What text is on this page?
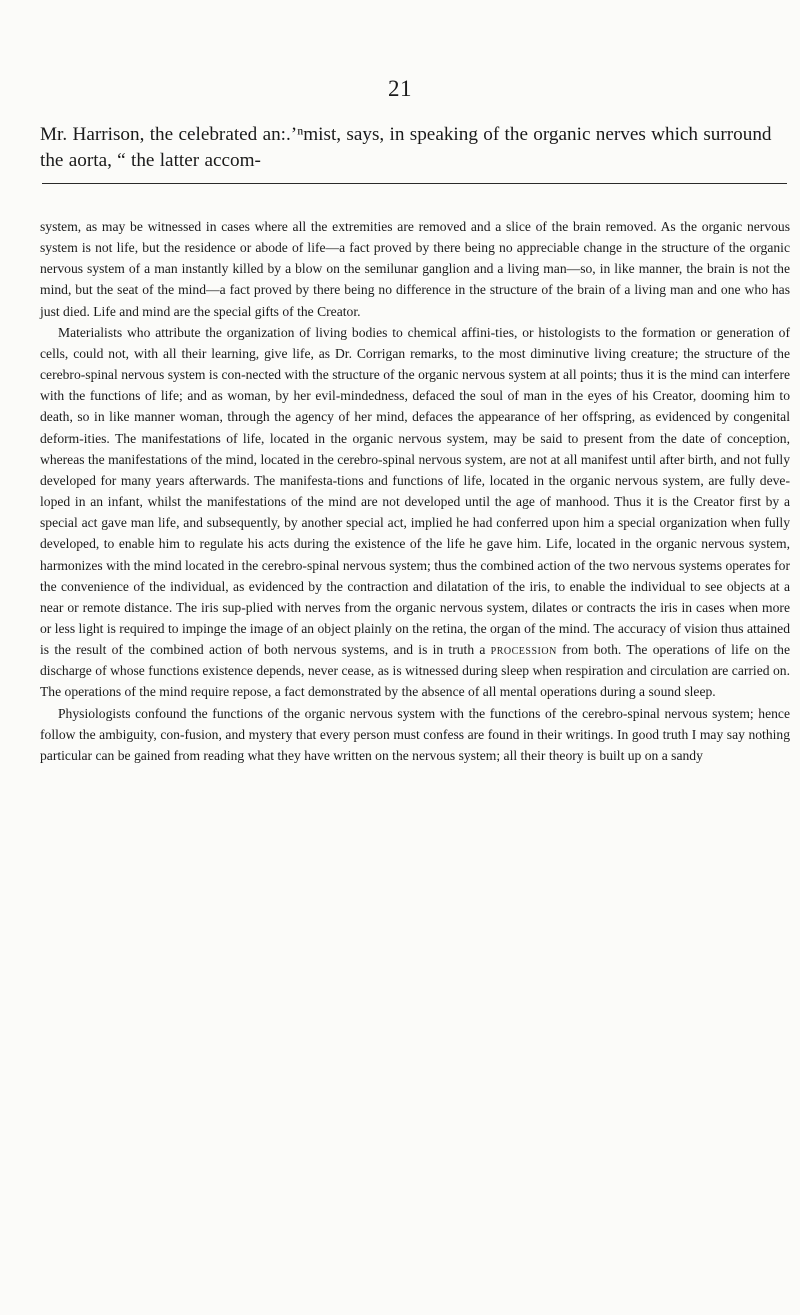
21
Mr. Harrison, the celebrated an:.’ⁿmist, says, in speaking of the organic nerves which surround the aorta, “ the latter accom-

system, as may be witnessed in cases where all the extremities are removed and a slice of the brain removed. As the organic nervous system is not life, but the residence or abode of life—a fact proved by there being no appreciable change in the structure of the organic nervous system of a man instantly killed by a blow on the semilunar ganglion and a living man—so, in like manner, the brain is not the mind, but the seat of the mind—a fact proved by there being no difference in the structure of the brain of a living man and one who has just died. Life and mind are the special gifts of the Creator.

Materialists who attribute the organization of living bodies to chemical affini-ties, or histologists to the formation or generation of cells, could not, with all their learning, give life, as Dr. Corrigan remarks, to the most diminutive living creature; the structure of the cerebro-spinal nervous system is con-nected with the structure of the organic nervous system at all points; thus it is the mind can interfere with the functions of life; and as woman, by her evil-mindedness, defaced the soul of man in the eyes of his Creator, dooming him to death, so in like manner woman, through the agency of her mind, defaces the appearance of her offspring, as evidenced by congenital deform-ities. The manifestations of life, located in the organic nervous system, may be said to present from the date of conception, whereas the manifestations of the mind, located in the cerebro-spinal nervous system, are not at all manifest until after birth, and not fully developed for many years afterwards. The manifesta-tions and functions of life, located in the organic nervous system, are fully deve-loped in an infant, whilst the manifestations of the mind are not developed until the age of manhood. Thus it is the Creator first by a special act gave man life, and subsequently, by another special act, implied he had conferred upon him a special organization when fully developed, to enable him to regulate his acts during the existence of the life he gave him. Life, located in the organic nervous system, harmonizes with the mind located in the cerebro-spinal nervous system; thus the combined action of the two nervous systems operates for the convenience of the individual, as evidenced by the contraction and dilatation of the iris, to enable the individual to see objects at a near or remote distance. The iris sup-plied with nerves from the organic nervous system, dilates or contracts the iris in cases when more or less light is required to impinge the image of an object plainly on the retina, the organ of the mind. The accuracy of vision thus attained is the result of the combined action of both nervous systems, and is in truth a procession from both. The operations of life on the discharge of whose functions existence depends, never cease, as is witnessed during sleep when respiration and circulation are carried on. The operations of the mind require repose, a fact demonstrated by the absence of all mental operations during a sound sleep.

Physiologists confound the functions of the organic nervous system with the functions of the cerebro-spinal nervous system; hence follow the ambiguity, con-fusion, and mystery that every person must confess are found in their writings. In good truth I may say nothing particular can be gained from reading what they have written on the nervous system; all their theory is built up on a sandy
